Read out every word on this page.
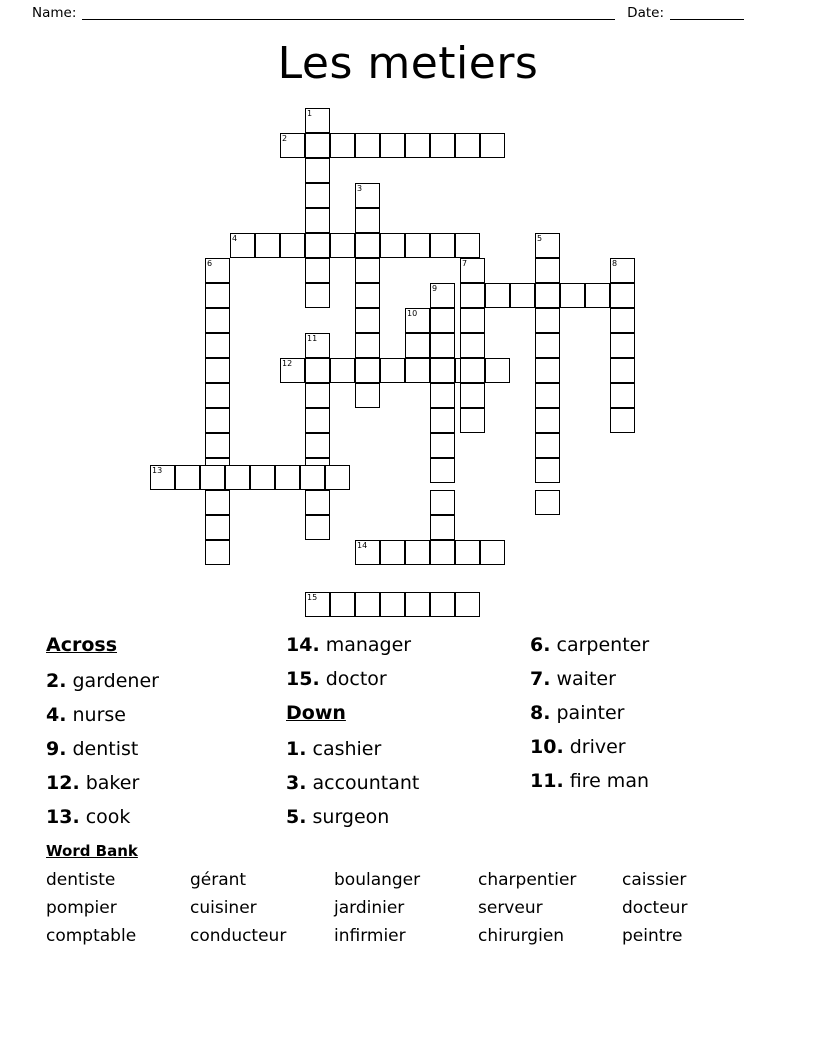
Name:	Date:
Les metiers
1
2
3
4	5
6	7	8
9
10
11
12
13
14
15
Across
2. gardener
4. nurse
9. dentist
12. baker
13. cook
14. manager
15. doctor
Down
1. cashier
3. accountant
5. surgeon
6. carpenter
7. waiter
8. painter
10. driver
11. fire man
Word Bank
dentiste	gérant	boulanger	charpentier	caissier
pompier	cuisiner	jardinier	serveur	docteur
comptable	conducteur	infirmier	chirurgien	peintre
